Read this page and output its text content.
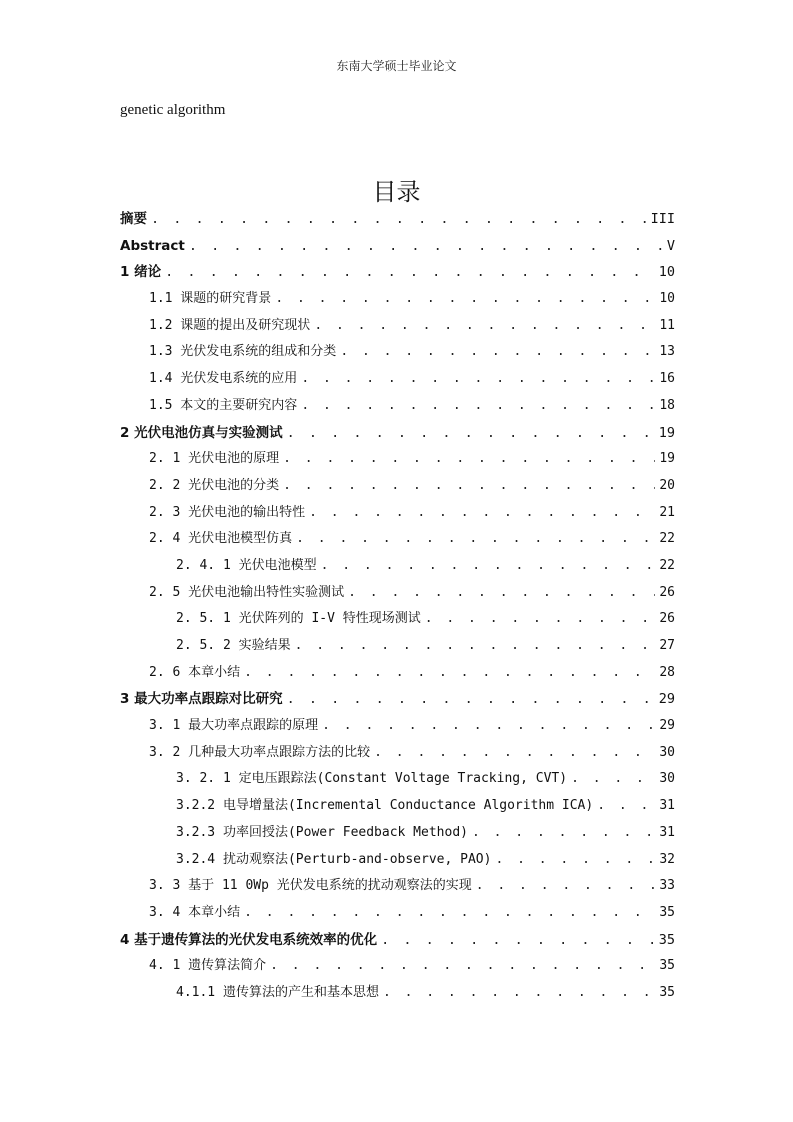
东南大学硕士毕业论文
genetic algorithm
目录
摘要 . . .	III
Abstract . . .	V
1 绪论 . . .	10
1.1 课题的研究背景 . . .	10
1.2 课题的提出及研究现状 . . .	11
1.3 光伏发电系统的组成和分类 . . .	13
1.4 光伏发电系统的应用 . . .	16
1.5 本文的主要研究内容 . . .	18
2 光伏电池仿真与实验测试 . . .	19
2. 1 光伏电池的原理 . . .	19
2. 2 光伏电池的分类 . . .	20
2. 3 光伏电池的输出特性 . . .	21
2. 4 光伏电池模型仿真 . . .	22
2. 4. 1 光伏电池模型 . . .	22
2. 5 光伏电池输出特性实验测试 . . .	26
2. 5. 1 光伏阵列的 I-V 特性现场测试 . . .	26
2. 5. 2 实验结果 . . .	27
2. 6 本章小结 . . .	28
3 最大功率点跟踪对比研究 . . .	29
3. 1 最大功率点跟踪的原理 . . .	29
3. 2 几种最大功率点跟踪方法的比较 . . .	30
3. 2. 1 定电压跟踪法(Constant Voltage Tracking, CVT) . . .	30
3.2.2 电导增量法(Incremental Conductance Algorithm ICA) . . .	31
3.2.3 功率回授法(Power Feedback Method) . . .	31
3.2.4 扰动观察法(Perturb-and-observe, PAO) . . .	32
3. 3 基于 11 0Wp 光伏发电系统的扰动观察法的实现 . . .	33
3. 4 本章小结 . . .	35
4 基于遗传算法的光伏发电系统效率的优化 . . .	35
4. 1 遗传算法简介 . . .	35
4.1.1 遗传算法的产生和基本思想 . . .	35
